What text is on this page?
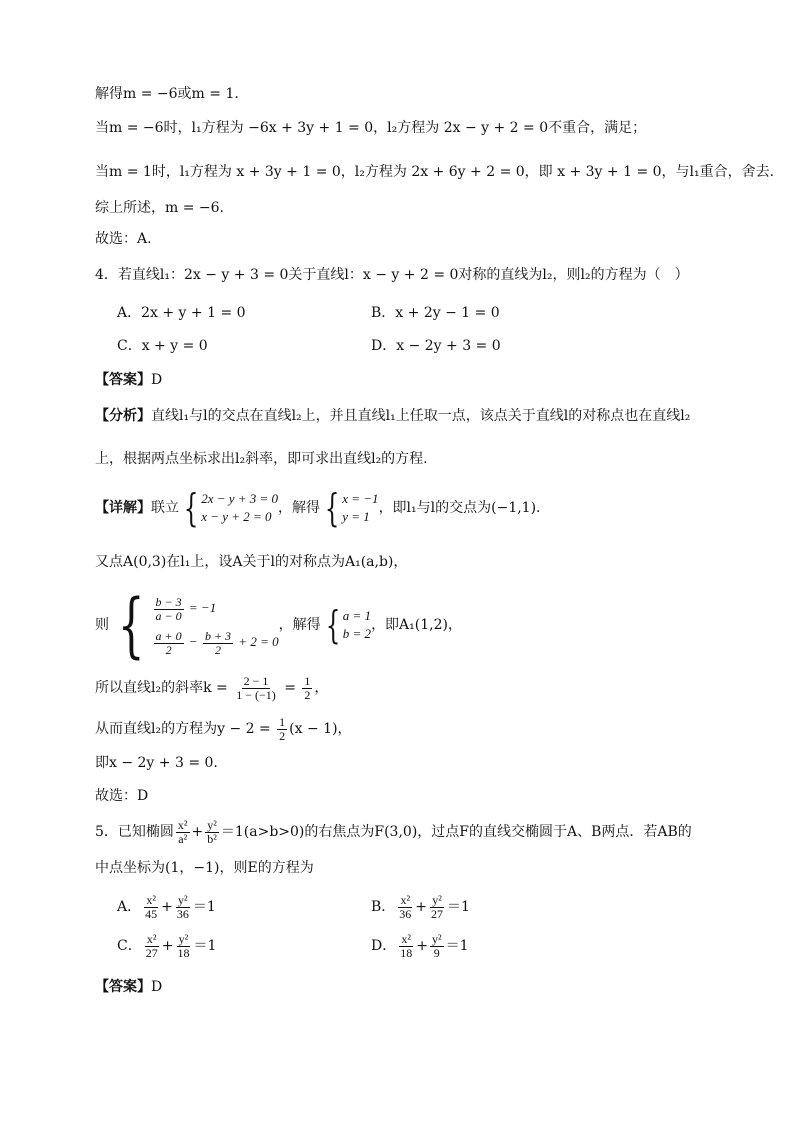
解得m = −6或m = 1.
当m = −6时，l₁方程为 −6x + 3y + 1 = 0，l₂方程为 2x − y + 2 = 0不重合，满足；
当m = 1时，l₁方程为 x + 3y + 1 = 0，l₂方程为 2x + 6y + 2 = 0，即 x + 3y + 1 = 0，与l₁重合，舍去.
综上所述，m = −6.
故选：A.
4．若直线l₁：2x − y + 3 = 0关于直线l：x − y + 2 = 0对称的直线为l₂，则l₂的方程为（　）
A．2x + y + 1 = 0	B．x + 2y − 1 = 0
C．x + y = 0	D．x − 2y + 3 = 0
【答案】D
【分析】直线l₁与l的交点在直线l₂上，并且直线l₁上任取一点，该点关于直线l的对称点也在直线l₂
上，根据两点坐标求出l₂斜率，即可求出直线l₂的方程.
【详解】联立 { 2x − y + 3 = 0
x − y + 2 = 0
，解得 { x = −1
y = 1
，即l₁与l的交点为(−1,1).
又点A(0,3)在l₁上，设A关于l的对称点为A₁(a,b)，
则 { $\frac{b - 3}{a - 0} = -1$
$\frac{a + 0}{2} - \frac{b + 3}{2} + 2 = 0$
，解得 { a = 1
b = 2
，即A₁(1,2)，
所以直线l₂的斜率$k = \frac{2 - 1}{1 - (-1)} = \frac{1}{2}$ ，
从而直线l₂的方程为$y - 2 = \frac{1}{2} (x - 1)$，
即x − 2y + 3 = 0.
故选：D
5．已知椭圆 $\frac{\text{x²}}{\text{a²}} + \frac{\text{y²}}{\text{b²}} =1(a>b>0)$的右焦点为F(3,0)，过点F的直线交椭圆于A、B两点．若AB的
中点坐标为(1，−1)，则E的方程为
A． $\frac{\text{x²}}{45} + \frac{\text{y²}}{36} =1$	B． $\frac{\text{x²}}{36} + \frac{\text{y²}}{27} =1$
C． $\frac{\text{x²}}{27} + \frac{\text{y²}}{18} =1$	D． $\frac{\text{x²}}{18} + \frac{\text{y²}}{9} =1$
【答案】D
